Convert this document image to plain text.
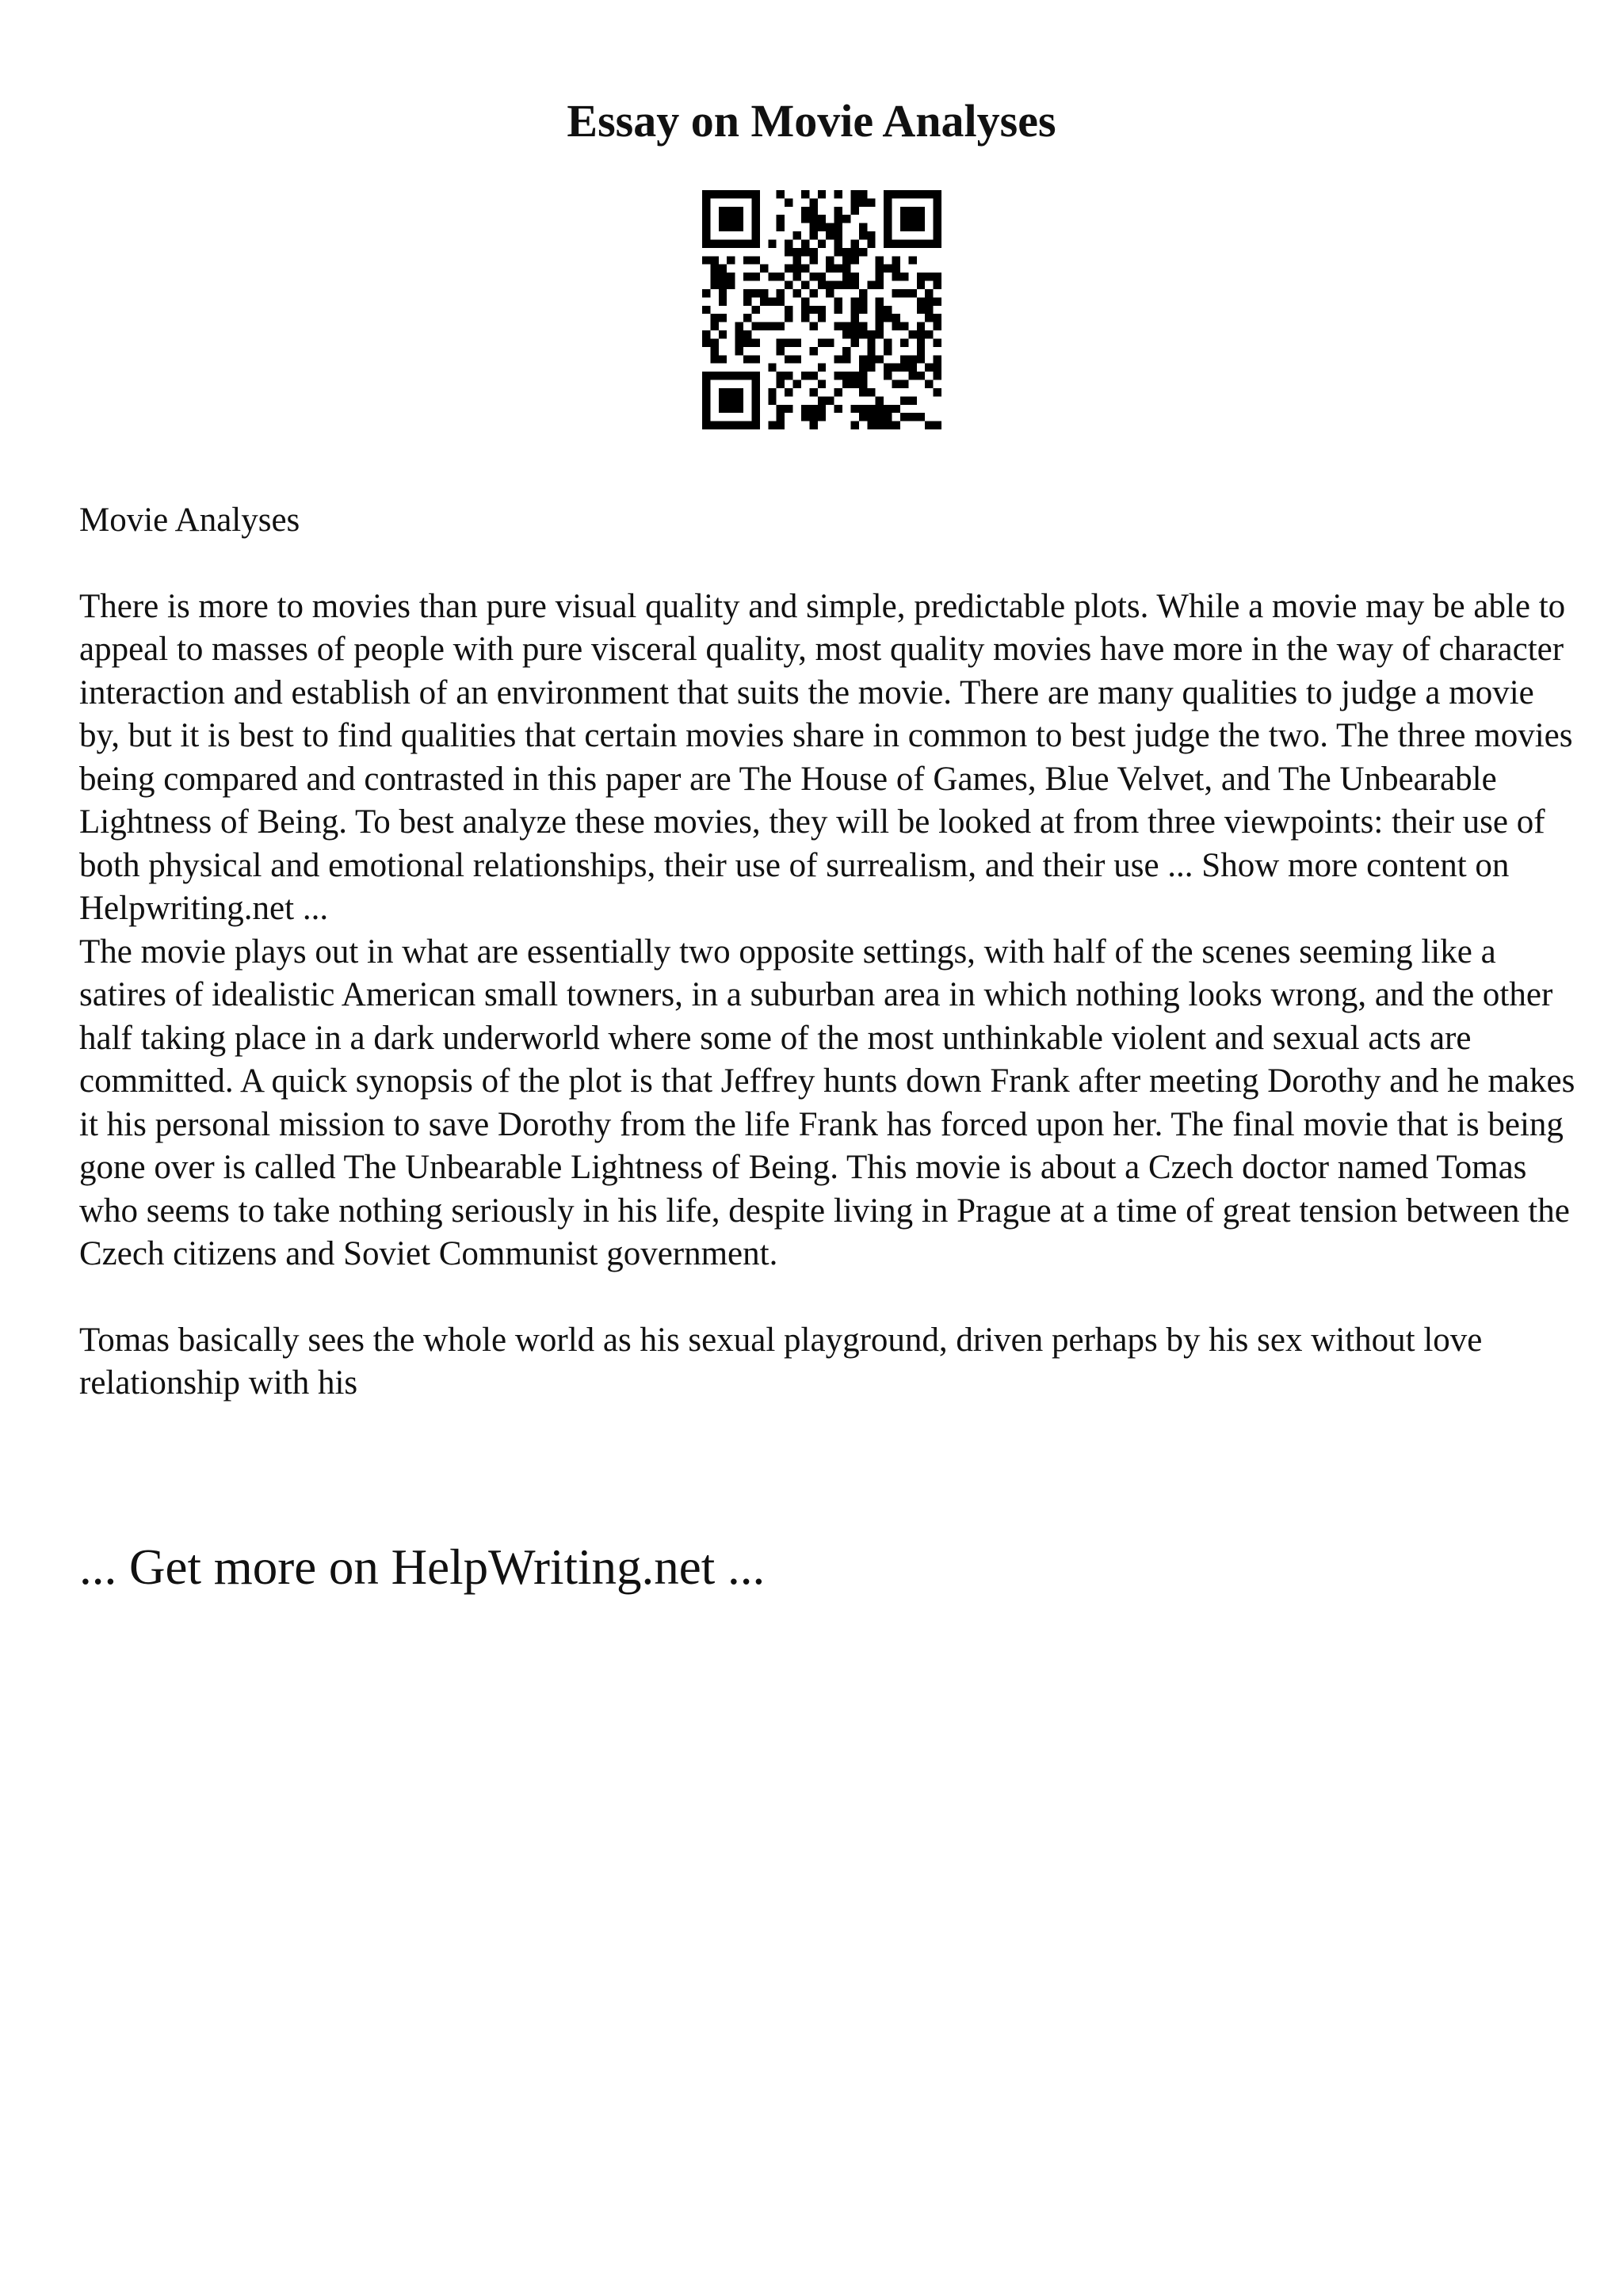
Essay on Movie Analyses

Movie Analyses

There is more to movies than pure visual quality and simple, predictable plots. While a movie may be able to appeal to masses of people with pure visceral quality, most quality movies have more in the way of character interaction and establish of an environment that suits the movie. There are many qualities to judge a movie by, but it is best to find qualities that certain movies share in common to best judge the two. The three movies being compared and contrasted in this paper are The House of Games, Blue Velvet, and The Unbearable Lightness of Being. To best analyze these movies, they will be looked at from three viewpoints: their use of both physical and emotional relationships, their use of surrealism, and their use ... Show more content on Helpwriting.net ...

The movie plays out in what are essentially two opposite settings, with half of the scenes seeming like a satires of idealistic American small towners, in a suburban area in which nothing looks wrong, and the other half taking place in a dark underworld where some of the most unthinkable violent and sexual acts are committed. A quick synopsis of the plot is that Jeffrey hunts down Frank after meeting Dorothy and he makes it his personal mission to save Dorothy from the life Frank has forced upon her. The final movie that is being gone over is called The Unbearable Lightness of Being. This movie is about a Czech doctor named Tomas who seems to take nothing seriously in his life, despite living in Prague at a time of great tension between the Czech citizens and Soviet Communist government.

Tomas basically sees the whole world as his sexual playground, driven perhaps by his sex without love relationship with his

... Get more on HelpWriting.net ...
